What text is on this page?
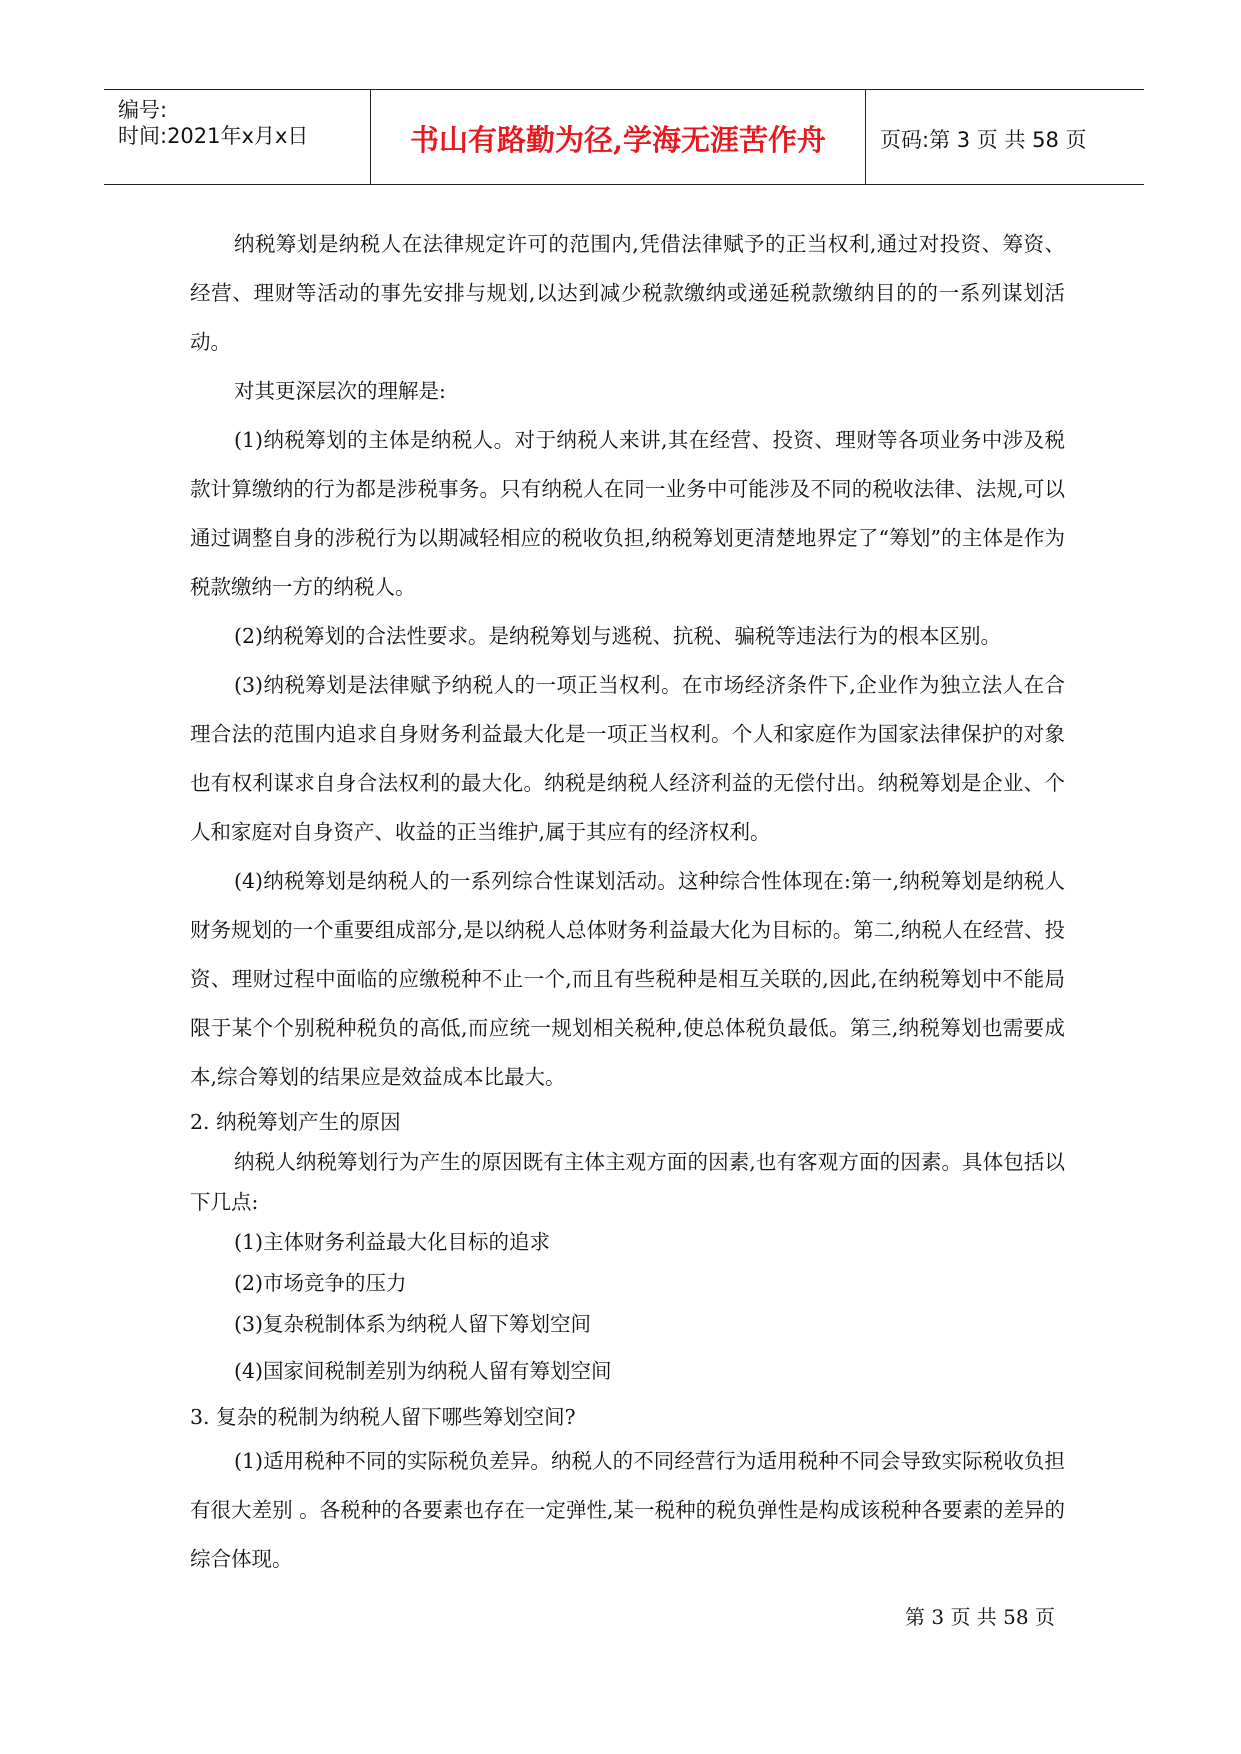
编号:
时间:2021年x月x日	书山有路勤为径,学海无涯苦作舟	页码:第 3 页 共 58 页

纳税筹划是纳税人在法律规定许可的范围内,凭借法律赋予的正当权利,通过对投资、筹资、经营、理财等活动的事先安排与规划,以达到减少税款缴纳或递延税款缴纳目的的一系列谋划活动。

对其更深层次的理解是:

(1)纳税筹划的主体是纳税人。对于纳税人来讲,其在经营、投资、理财等各项业务中涉及税款计算缴纳的行为都是涉税事务。只有纳税人在同一业务中可能涉及不同的税收法律、法规,可以通过调整自身的涉税行为以期减轻相应的税收负担,纳税筹划更清楚地界定了“筹划”的主体是作为税款缴纳一方的纳税人。

(2)纳税筹划的合法性要求。是纳税筹划与逃税、抗税、骗税等违法行为的根本区别。

(3)纳税筹划是法律赋予纳税人的一项正当权利。在市场经济条件下,企业作为独立法人在合理合法的范围内追求自身财务利益最大化是一项正当权利。个人和家庭作为国家法律保护的对象也有权利谋求自身合法权利的最大化。纳税是纳税人经济利益的无偿付出。纳税筹划是企业、个人和家庭对自身资产、收益的正当维护,属于其应有的经济权利。

(4)纳税筹划是纳税人的一系列综合性谋划活动。这种综合性体现在:第一,纳税筹划是纳税人财务规划的一个重要组成部分,是以纳税人总体财务利益最大化为目标的。第二,纳税人在经营、投资、理财过程中面临的应缴税种不止一个,而且有些税种是相互关联的,因此,在纳税筹划中不能局限于某个个别税种税负的高低,而应统一规划相关税种,使总体税负最低。第三,纳税筹划也需要成本,综合筹划的结果应是效益成本比最大。

2. 纳税筹划产生的原因

纳税人纳税筹划行为产生的原因既有主体主观方面的因素,也有客观方面的因素。具体包括以下几点:

(1)主体财务利益最大化目标的追求

(2)市场竞争的压力

(3)复杂税制体系为纳税人留下筹划空间

(4)国家间税制差别为纳税人留有筹划空间

3. 复杂的税制为纳税人留下哪些筹划空间?

(1)适用税种不同的实际税负差异。纳税人的不同经营行为适用税种不同会导致实际税收负担有很大差别 。各税种的各要素也存在一定弹性,某一税种的税负弹性是构成该税种各要素的差异的综合体现。

第 3 页 共 58 页
